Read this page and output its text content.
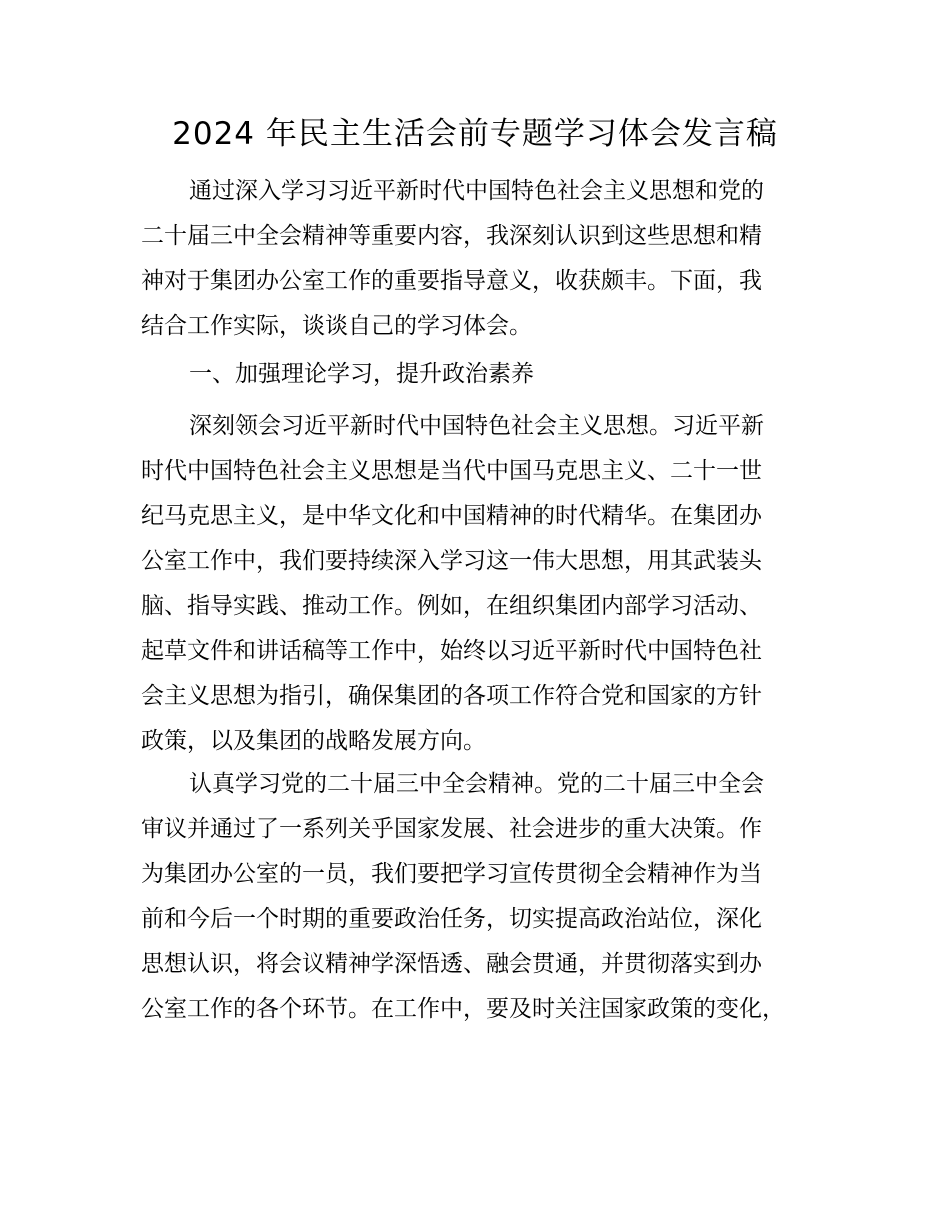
2024 年民主生活会前专题学习体会发言稿
通过深入学习习近平新时代中国特色社会主义思想和党的
二十届三中全会精神等重要内容，我深刻认识到这些思想和精
神对于集团办公室工作的重要指导意义，收获颇丰。下面，我
结合工作实际，谈谈自己的学习体会。
一、加强理论学习，提升政治素养
深刻领会习近平新时代中国特色社会主义思想。习近平新
时代中国特色社会主义思想是当代中国马克思主义、二十一世
纪马克思主义，是中华文化和中国精神的时代精华。在集团办
公室工作中，我们要持续深入学习这一伟大思想，用其武装头
脑、指导实践、推动工作。例如，在组织集团内部学习活动、
起草文件和讲话稿等工作中，始终以习近平新时代中国特色社
会主义思想为指引，确保集团的各项工作符合党和国家的方针
政策，以及集团的战略发展方向。
认真学习党的二十届三中全会精神。党的二十届三中全会
审议并通过了一系列关乎国家发展、社会进步的重大决策。作
为集团办公室的一员，我们要把学习宣传贯彻全会精神作为当
前和今后一个时期的重要政治任务，切实提高政治站位，深化
思想认识，将会议精神学深悟透、融会贯通，并贯彻落实到办
公室工作的各个环节。在工作中，要及时关注国家政策的变化，
